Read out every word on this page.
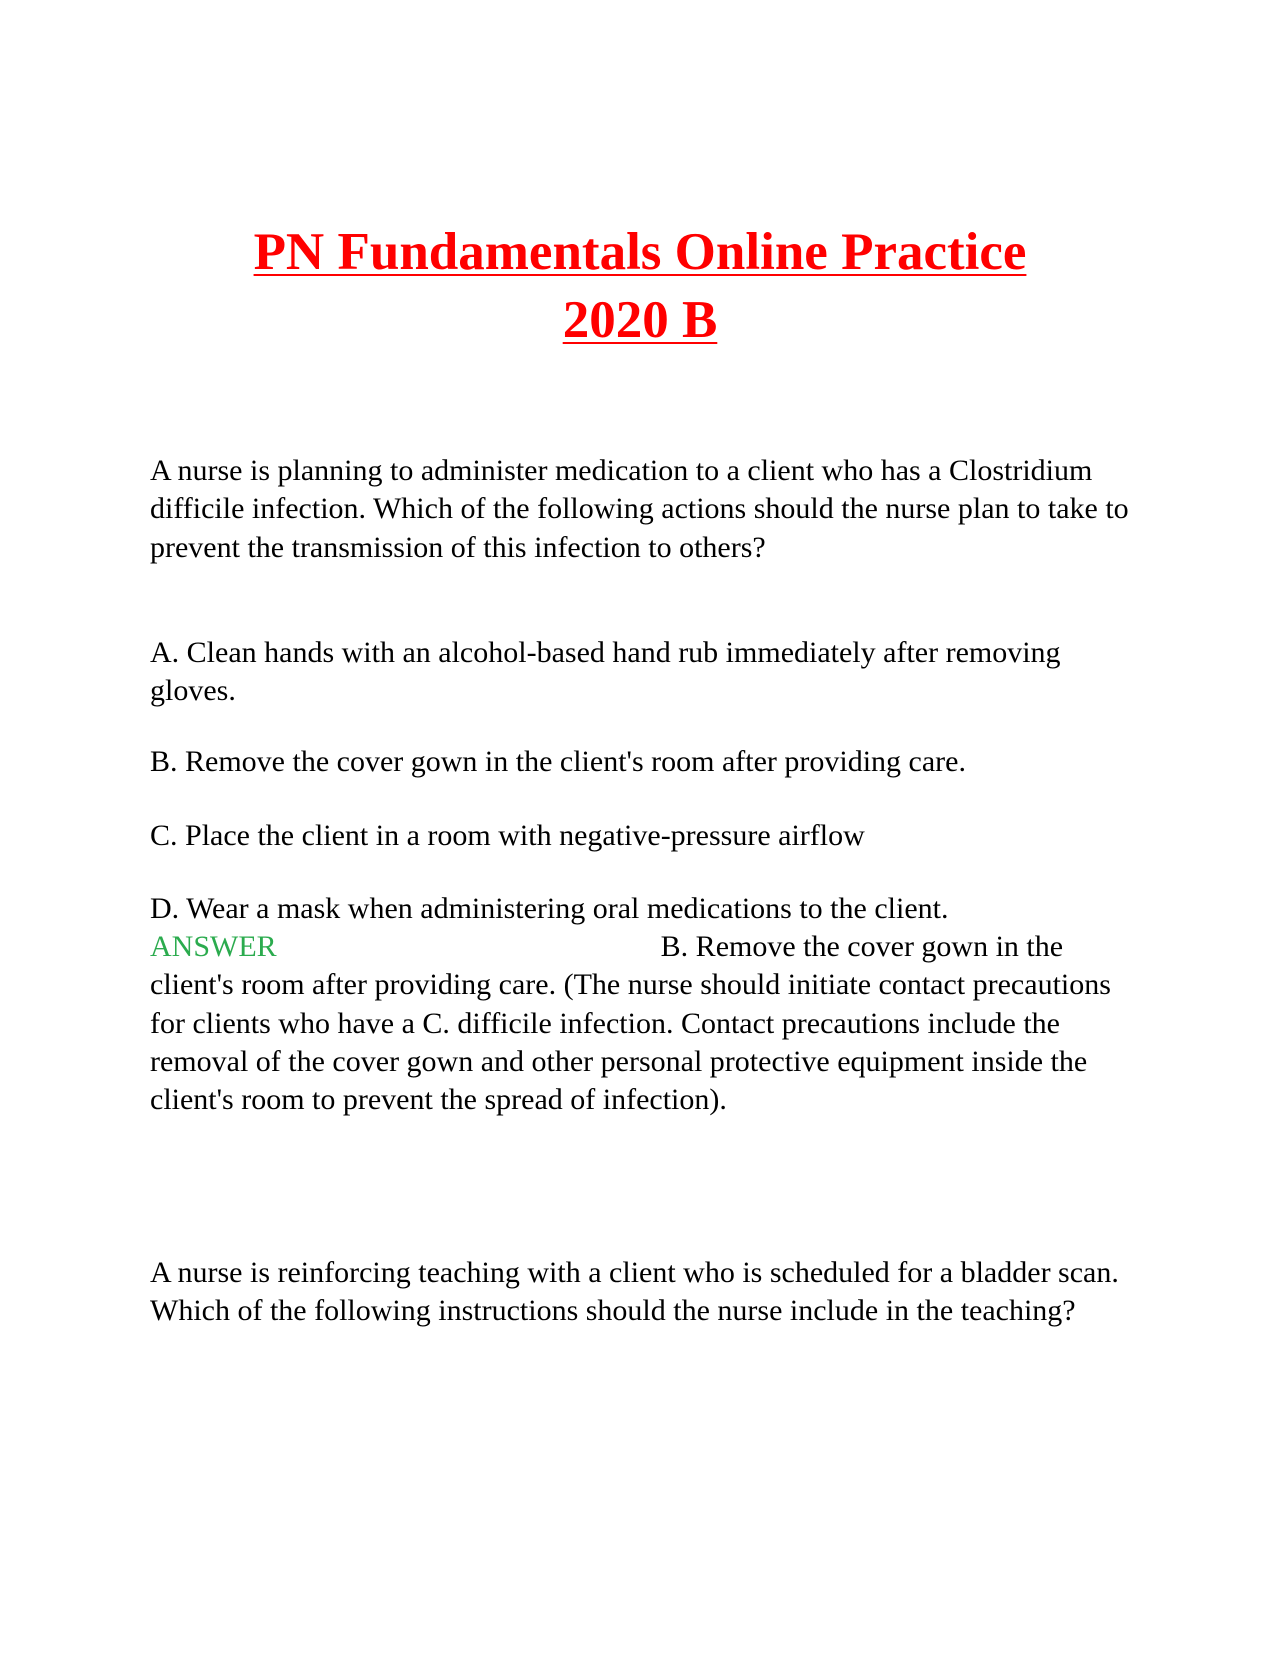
PN Fundamentals Online Practice
2020 B

A nurse is planning to administer medication to a client who has a Clostridium difficile infection. Which of the following actions should the nurse plan to take to prevent the transmission of this infection to others?

A. Clean hands with an alcohol-based hand rub immediately after removing gloves.

B. Remove the cover gown in the client's room after providing care.

C. Place the client in a room with negative-pressure airflow

D. Wear a mask when administering oral medications to the client.

ANSWER	B. Remove the cover gown in the client's room after providing care. (The nurse should initiate contact precautions for clients who have a C. difficile infection. Contact precautions include the removal of the cover gown and other personal protective equipment inside the client's room to prevent the spread of infection).

A nurse is reinforcing teaching with a client who is scheduled for a bladder scan. Which of the following instructions should the nurse include in the teaching?
